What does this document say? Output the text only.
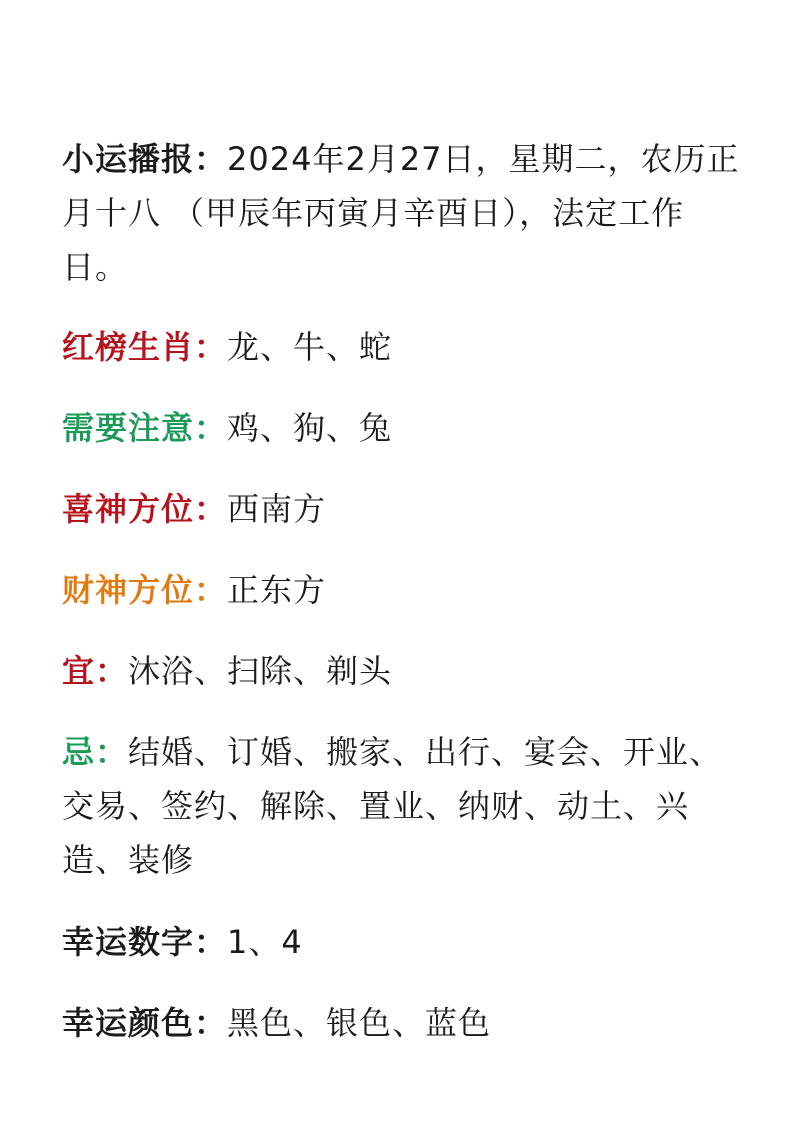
小运播报：2024年2月27日，星期二，农历正月十八 （甲辰年丙寅月辛酉日），法定工作日。

红榜生肖：龙、牛、蛇

需要注意：鸡、狗、兔

喜神方位：西南方

财神方位：正东方

宜：沐浴、扫除、剃头

忌：结婚、订婚、搬家、出行、宴会、开业、交易、签约、解除、置业、纳财、动土、兴造、装修

幸运数字：1、4

幸运颜色：黑色、银色、蓝色
